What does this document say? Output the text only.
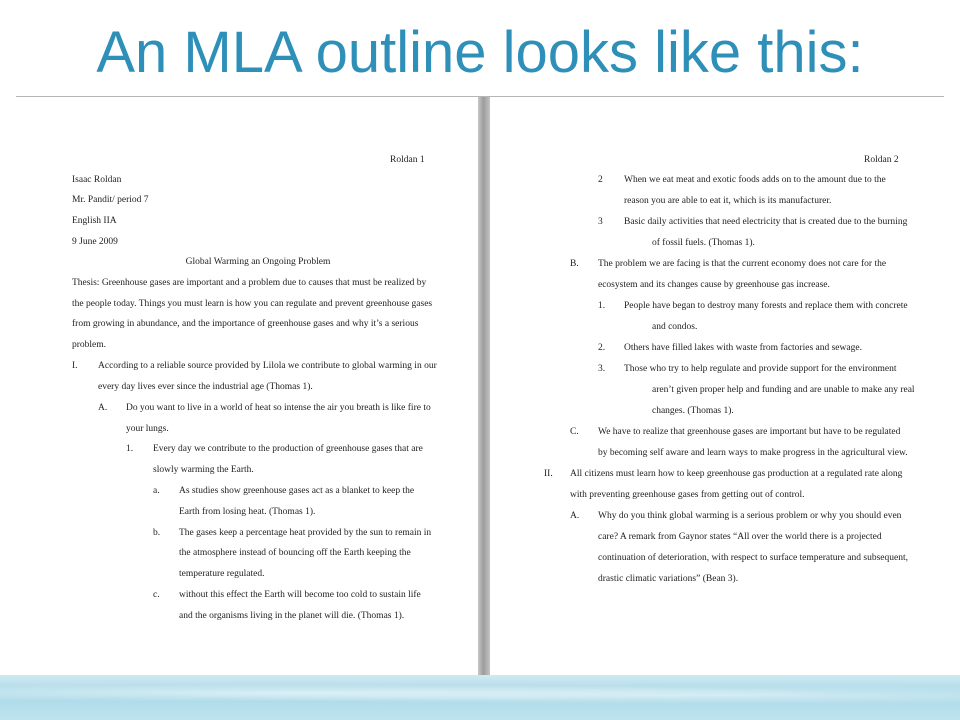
An MLA outline looks like this:
Roldan 1
Isaac Roldan
Mr. Pandit/ period 7
English IIA
9 June 2009
Global Warming an Ongoing Problem
Thesis: Greenhouse gases are important and a problem due to causes that must be realized by
the people today. Things you must learn is how you can regulate and prevent greenhouse gases
from growing in abundance, and the importance of greenhouse gases and why it’s a serious
problem.
I. According to a reliable source provided by Lilola we contribute to global warming in our
every day lives ever since the industrial age (Thomas 1).
A. Do you want to live in a world of heat so intense the air you breath is like fire to
your lungs.
1. Every day we contribute to the production of greenhouse gases that are
slowly warming the Earth.
a. As studies show greenhouse gases act as a blanket to keep the
Earth from losing heat. (Thomas 1).
b. The gases keep a percentage heat provided by the sun to remain in
the atmosphere instead of bouncing off the Earth keeping the
temperature regulated.
c. without this effect the Earth will become too cold to sustain life
and the organisms living in the planet will die. (Thomas 1).
Roldan 2
2 When we eat meat and exotic foods adds on to the amount due to the
reason you are able to eat it, which is its manufacturer.
3 Basic daily activities that need electricity that is created due to the burning
of fossil fuels. (Thomas 1).
B. The problem we are facing is that the current economy does not care for the
ecosystem and its changes cause by greenhouse gas increase.
1. People have began to destroy many forests and replace them with concrete
and condos.
2. Others have filled lakes with waste from factories and sewage.
3. Those who try to help regulate and provide support for the environment
aren’t given proper help and funding and are unable to make any real
changes. (Thomas 1).
C. We have to realize that greenhouse gases are important but have to be regulated
by becoming self aware and learn ways to make progress in the agricultural view.
II. All citizens must learn how to keep greenhouse gas production at a regulated rate along
with preventing greenhouse gases from getting out of control.
A. Why do you think global warming is a serious problem or why you should even
care? A remark from Gaynor states “All over the world there is a projected
continuation of deterioration, with respect to surface temperature and subsequent,
drastic climatic variations” (Bean 3).
